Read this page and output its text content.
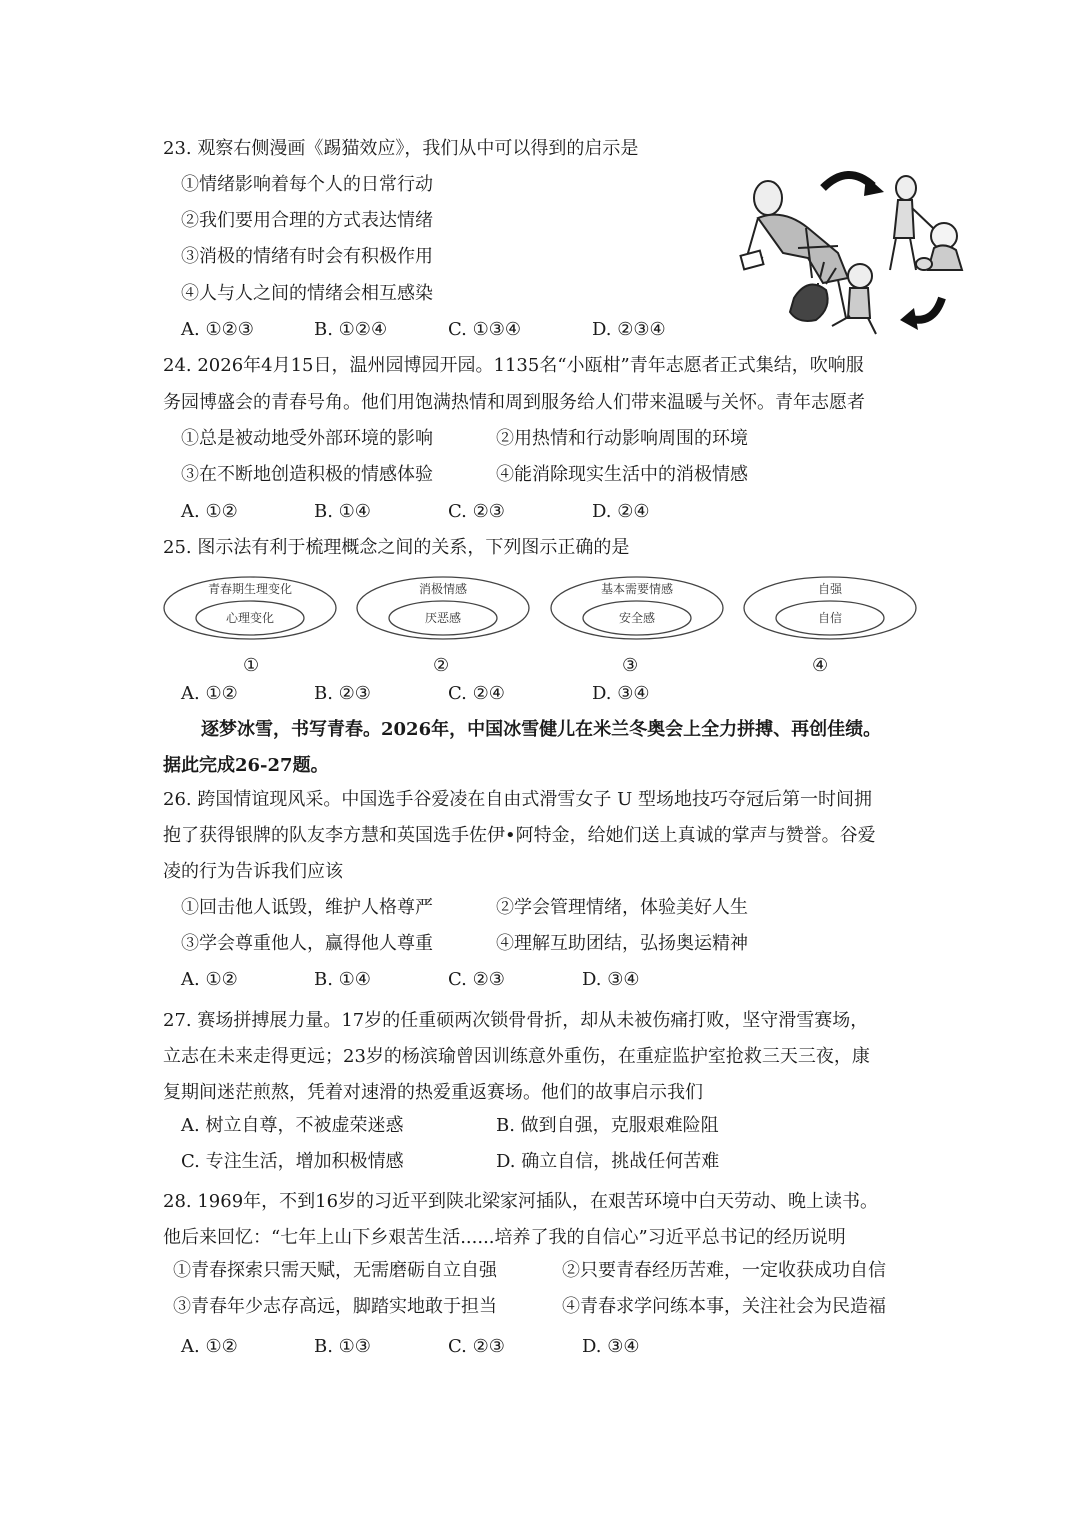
23. 观察右侧漫画《踢猫效应》，我们从中可以得到的启示是
①情绪影响着每个人的日常行动
②我们要用合理的方式表达情绪
③消极的情绪有时会有积极作用
④人与人之间的情绪会相互感染
A. ①②③	B. ①②④	C. ①③④	D. ②③④
24. 2026年4月15日，温州园博园开园。1135名“小瓯柑”青年志愿者正式集结，吹响服
务园博盛会的青春号角。他们用饱满热情和周到服务给人们带来温暖与关怀。青年志愿者
①总是被动地受外部环境的影响	②用热情和行动影响周围的环境
③在不断地创造积极的情感体验	④能消除现实生活中的消极情感
A. ①②	B. ①④	C. ②③	D. ②④
25. 图示法有利于梳理概念之间的关系，下列图示正确的是
青春期生理变化
心理变化
消极情感
厌恶感
基本需要情感
安全感
自强
自信
①	②	③	④
A. ①②	B. ②③	C. ②④	D. ③④
逐梦冰雪，书写青春。2026年，中国冰雪健儿在米兰冬奥会上全力拼搏、再创佳绩。
据此完成26-27题。
26. 跨国情谊现风采。中国选手谷爱凌在自由式滑雪女子 U 型场地技巧夺冠后第一时间拥
抱了获得银牌的队友李方慧和英国选手佐伊•阿特金，给她们送上真诚的掌声与赞誉。谷爱
凌的行为告诉我们应该
①回击他人诋毁，维护人格尊严	②学会管理情绪，体验美好人生
③学会尊重他人，赢得他人尊重	④理解互助团结，弘扬奥运精神
A. ①②	B. ①④	C. ②③	D. ③④
27. 赛场拼搏展力量。17岁的任重硕两次锁骨骨折，却从未被伤痛打败，坚守滑雪赛场，
立志在未来走得更远；23岁的杨滨瑜曾因训练意外重伤，在重症监护室抢救三天三夜，康
复期间迷茫煎熬，凭着对速滑的热爱重返赛场。他们的故事启示我们
A. 树立自尊，不被虚荣迷惑	B. 做到自强，克服艰难险阻
C. 专注生活，增加积极情感	D. 确立自信，挑战任何苦难
28. 1969年，不到16岁的习近平到陕北梁家河插队，在艰苦环境中白天劳动、晚上读书。
他后来回忆：“七年上山下乡艰苦生活......培养了我的自信心”习近平总书记的经历说明
①青春探索只需天赋，无需磨砺自立自强	②只要青春经历苦难，一定收获成功自信
③青春年少志存高远，脚踏实地敢于担当	④青春求学问练本事，关注社会为民造福
A. ①②	B. ①③	C. ②③	D. ③④
